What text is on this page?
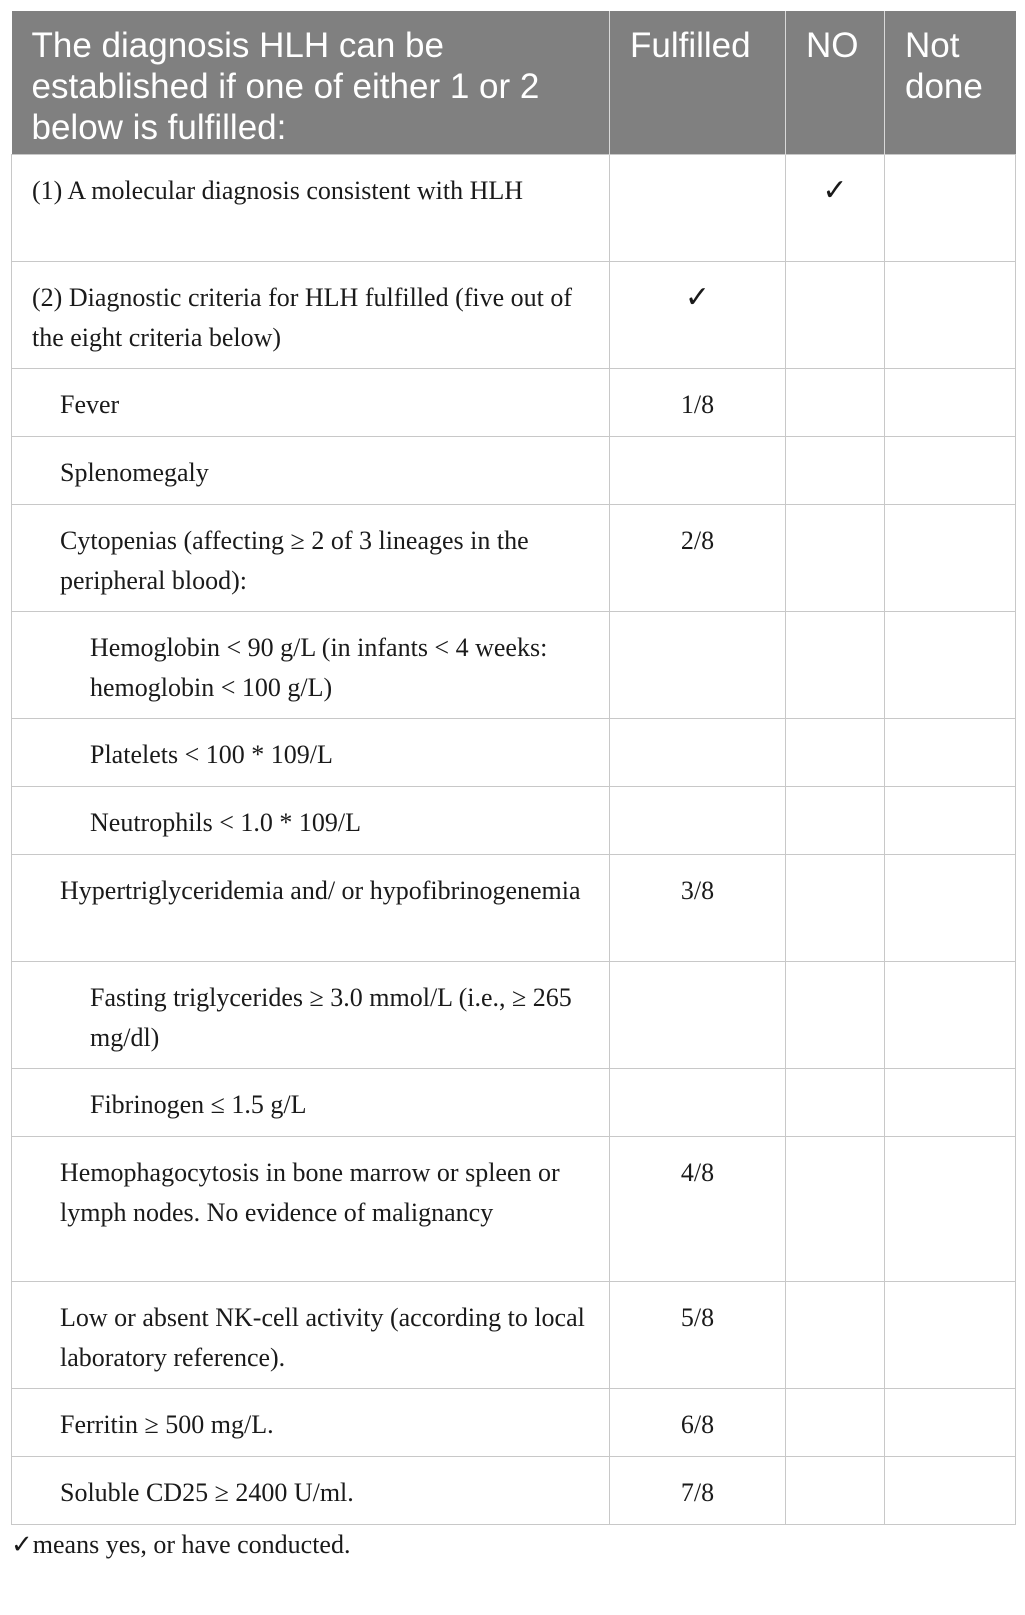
The diagnosis HLH can be established if one of either 1 or 2 below is fulfilled:	Fulfilled	NO	Not done
(1) A molecular diagnosis consistent with HLH		✓	
(2) Diagnostic criteria for HLH fulfilled (five out of the eight criteria below)	✓		
Fever	1/8		
Splenomegaly			
Cytopenias (affecting ≥ 2 of 3 lineages in the peripheral blood):	2/8		
Hemoglobin < 90 g/L (in infants < 4 weeks: hemoglobin < 100 g/L)			
Platelets < 100 * 109/L			
Neutrophils < 1.0 * 109/L			
Hypertriglyceridemia and/ or hypofibrinogenemia	3/8		
Fasting triglycerides ≥ 3.0 mmol/L (i.e., ≥ 265 mg/dl)			
Fibrinogen ≤ 1.5 g/L			
Hemophagocytosis in bone marrow or spleen or lymph nodes. No evidence of malignancy	4/8		
Low or absent NK-cell activity (according to local laboratory reference).	5/8		
Ferritin ≥ 500 mg/L.	6/8		
Soluble CD25 ≥ 2400 U/ml.	7/8		
✓means yes, or have conducted.
